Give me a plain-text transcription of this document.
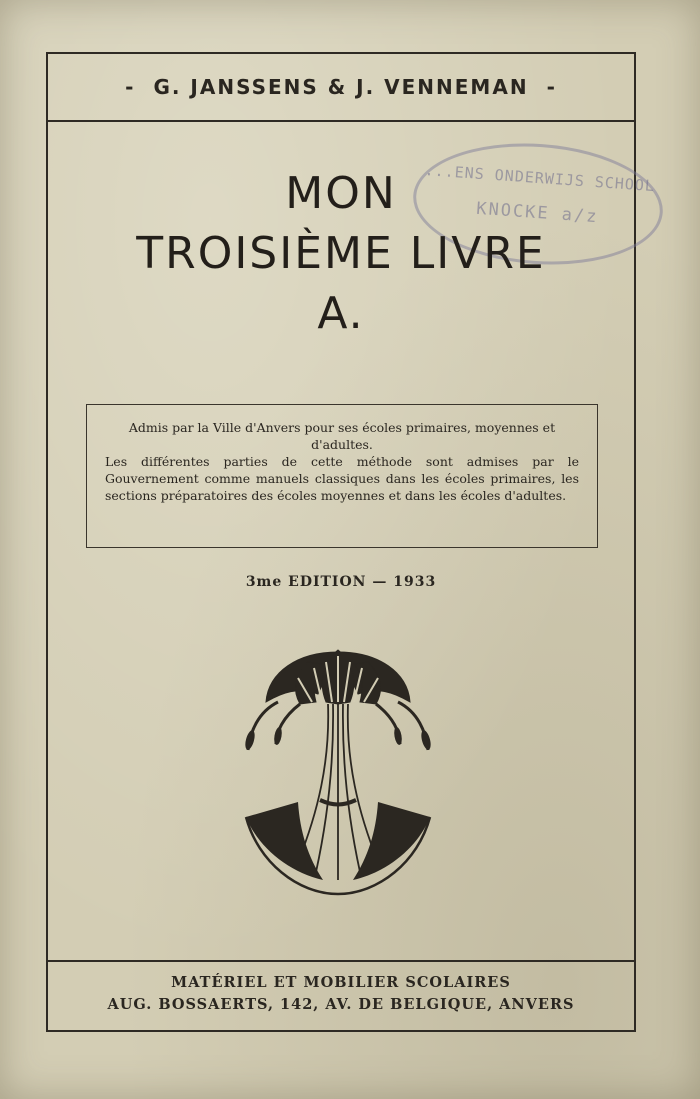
- G. JANSSENS & J. VENNEMAN -
...ENS ONDERWIJS SCHOOL
KNOCKE a/z
MON
TROISIÈME LIVRE
A.

Admis par la Ville d'Anvers pour ses écoles primaires, moyennes et d'adultes.

Les différentes parties de cette méthode sont admises par le Gouvernement comme manuels classiques dans les écoles primaires, les sections préparatoires des écoles moyennes et dans les écoles d'adultes.

3me EDITION — 1933
MATÉRIEL ET MOBILIER SCOLAIRES
AUG. BOSSAERTS, 142, AV. DE BELGIQUE, ANVERS
